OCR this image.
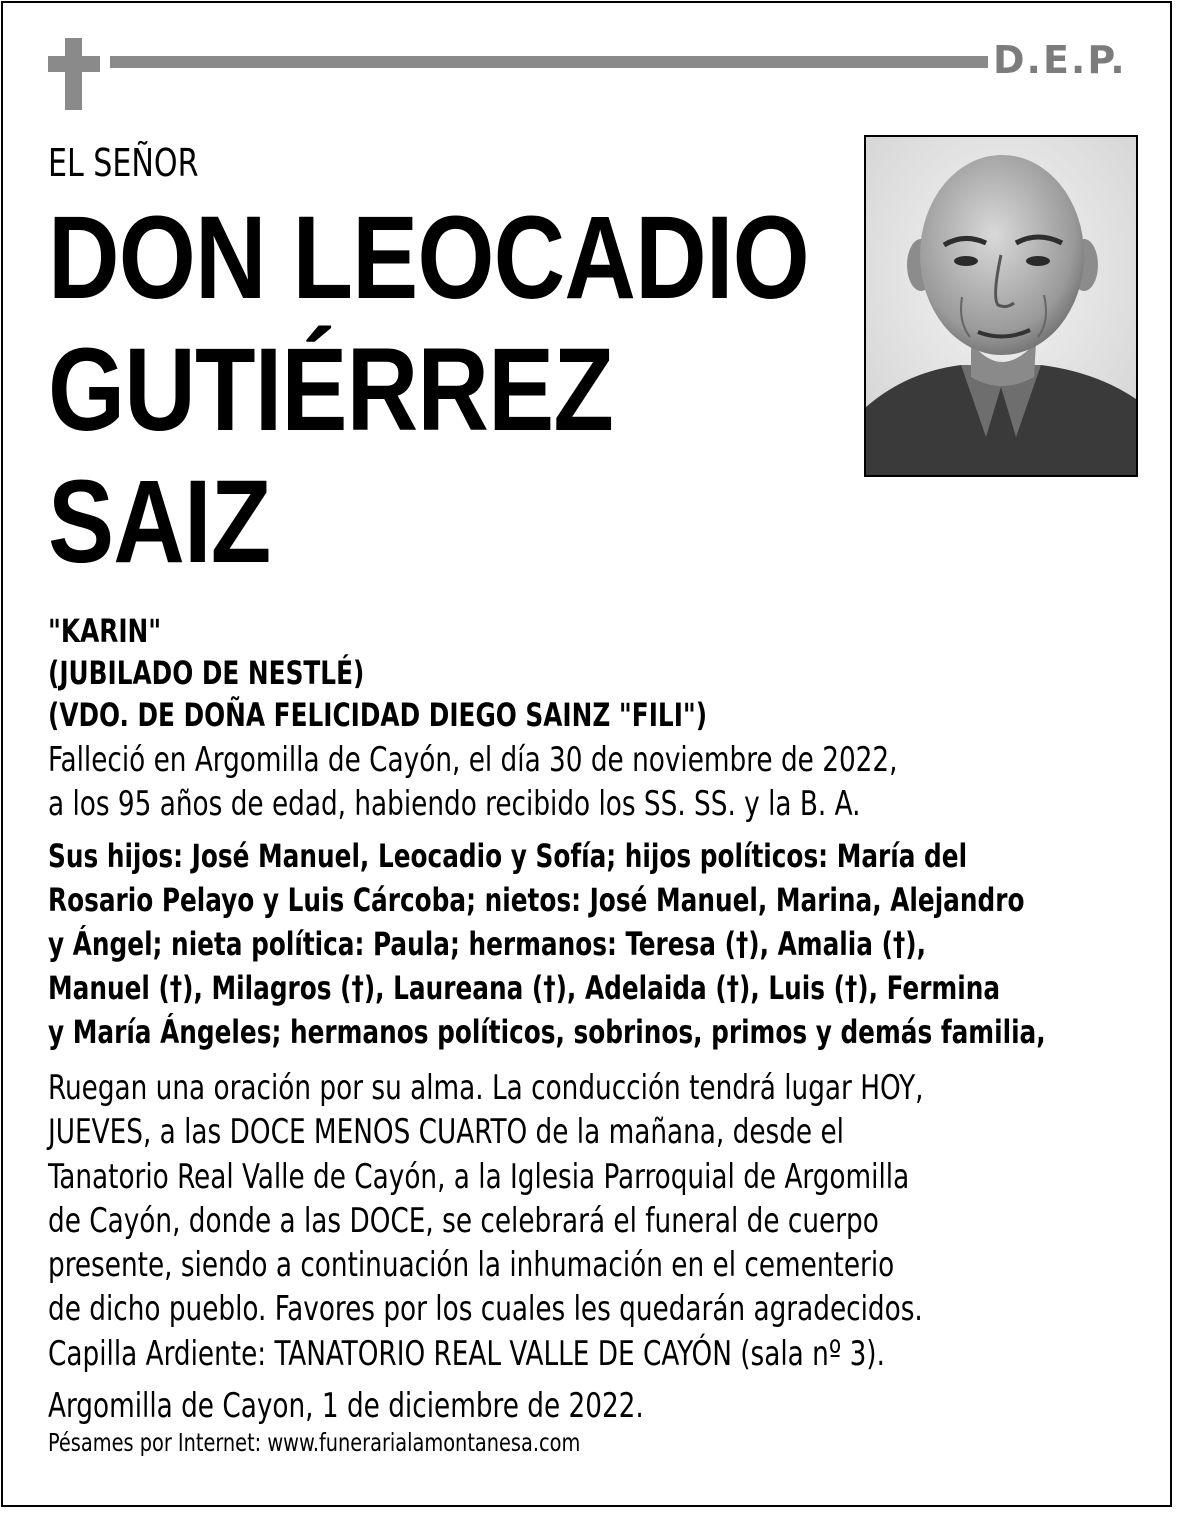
D.E.P.
EL SEÑOR
DON LEOCADIO
GUTIÉRREZ
SAIZ
"KARIN"
(JUBILADO DE NESTLÉ)
(VDO. DE DOÑA FELICIDAD DIEGO SAINZ "FILI")
Falleció en Argomilla de Cayón, el día 30 de noviembre de 2022,
a los 95 años de edad, habiendo recibido los SS. SS. y la B. A.
Sus hijos: José Manuel, Leocadio y Sofía; hijos políticos: María del
Rosario Pelayo y Luis Cárcoba; nietos: José Manuel, Marina, Alejandro
y Ángel; nieta política: Paula; hermanos: Teresa (†), Amalia (†),
Manuel (†), Milagros (†), Laureana (†), Adelaida (†), Luis (†), Fermina
y María Ángeles; hermanos políticos, sobrinos, primos y demás familia,
Ruegan una oración por su alma. La conducción tendrá lugar HOY,
JUEVES, a las DOCE MENOS CUARTO de la mañana, desde el
Tanatorio Real Valle de Cayón, a la Iglesia Parroquial de Argomilla
de Cayón, donde a las DOCE, se celebrará el funeral de cuerpo
presente, siendo a continuación la inhumación en el cementerio
de dicho pueblo. Favores por los cuales les quedarán agradecidos.
Capilla Ardiente: TANATORIO REAL VALLE DE CAYÓN (sala nº 3).
Argomilla de Cayon, 1 de diciembre de 2022.
Pésames por Internet: www.funerarialamontanesa.com
